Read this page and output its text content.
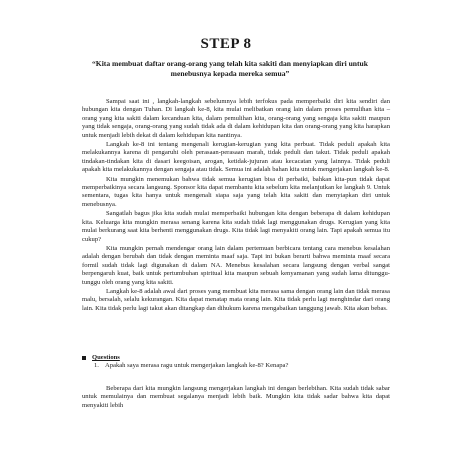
STEP 8
“Kita membuat daftar orang-orang yang telah kita sakiti dan menyiapkan diri untuk menebusnya kepada mereka semua”

Sampai saat ini , langkah-langkah sebelumnya lebih terfokus pada memperbaiki diri kita sendiri dan hubungan kita dengan Tuhan. Di langkah ke-8, kita mulai melibatkan orang lain dalam proses pemulihan kita – orang yang kita sakiti dalam kecanduan kita, dalam pemulihan kita, orang-orang yang sengaja kita sakiti maupun yang tidak sengaja, orang-orang yang sudah tidak ada di dalam kehidupan kita dan orang-orang yang kita harapkan untuk menjadi lebih dekat di dalam kehidupan kita nantinya.

Langkah ke-8 ini tentang mengenali kerugian-kerugian yang kita perbuat. Tidak peduli apakah kita melakukannya karena di pengaruhi oleh perasaan-perasaan marah, tidak peduli dan takut. Tidak peduli apakah tindakan-tindakan kita di dasari keegoisan, arogan, ketidak-jujuran atau kecacatan yang lainnya. Tidak peduli apakah kita melakukannya dengan sengaja atau tidak. Semua ini adalah bahan kita untuk mengerjakan langkah ke-8.

Kita mungkin menemukan bahwa tidak semua kerugian bisa di perbaiki, bahkan kita-pun tidak dapat memperbaikinya secara langsung. Sponsor kita dapat membantu kita sebelum kita melanjutkan ke langkah 9. Untuk sementara, tugas kita hanya untuk mengenali siapa saja yang telah kita sakiti dan menyiapkan diri untuk menebusnya.

Sangatlah bagus jika kita sudah mulai memperbaiki hubungan kita dengan beberapa di dalam kehidupan kita. Keluarga kita mungkin merasa senang karena kita sudah tidak lagi menggunakan drugs. Kerugian yang kita mulai berkurang saat kita berhenti menggunakan drugs. Kita tidak lagi menyakiti orang lain. Tapi apakah semua itu cukup?

Kita mungkin pernah mendengar orang lain dalam pertemuan berbicara tentang cara menebus kesalahan adalah dengan berubah dan tidak dengan meminta maaf saja. Tapi ini bukan berarti bahwa meminta maaf secara formil sudah tidak lagi digunakan di dalam NA. Menebus kesalahan secara langsung dengan verbal sangat berpengaruh kuat, baik untuk pertumbuhan spiritual kita maupun sebuah kenyamanan yang sudah lama ditunggu-tunggu oleh orang yang kita sakiti.

Langkah ke-8 adalah awal dari proses yang membuat kita merasa sama dengan orang lain dan tidak merasa malu, bersalah, selalu kekurangan. Kita dapat menatap mata orang lain. Kita tidak perlu lagi menghindar dari orang lain. Kita tidak perlu lagi takut akan ditangkap dan dihukum karena mengabaikan tanggung jawab. Kita akan bebas.

Questions
1. Apakah saya merasa ragu untuk mengerjakan langkah ke-8? Kenapa?

Beberapa dari kita mungkin langsung mengerjakan langkah ini dengan berlebihan. Kita sudah tidak sabar untuk memulainya dan membuat segalanya menjadi lebih baik. Mungkin kita tidak sadar bahwa kita dapat menyakiti lebih
